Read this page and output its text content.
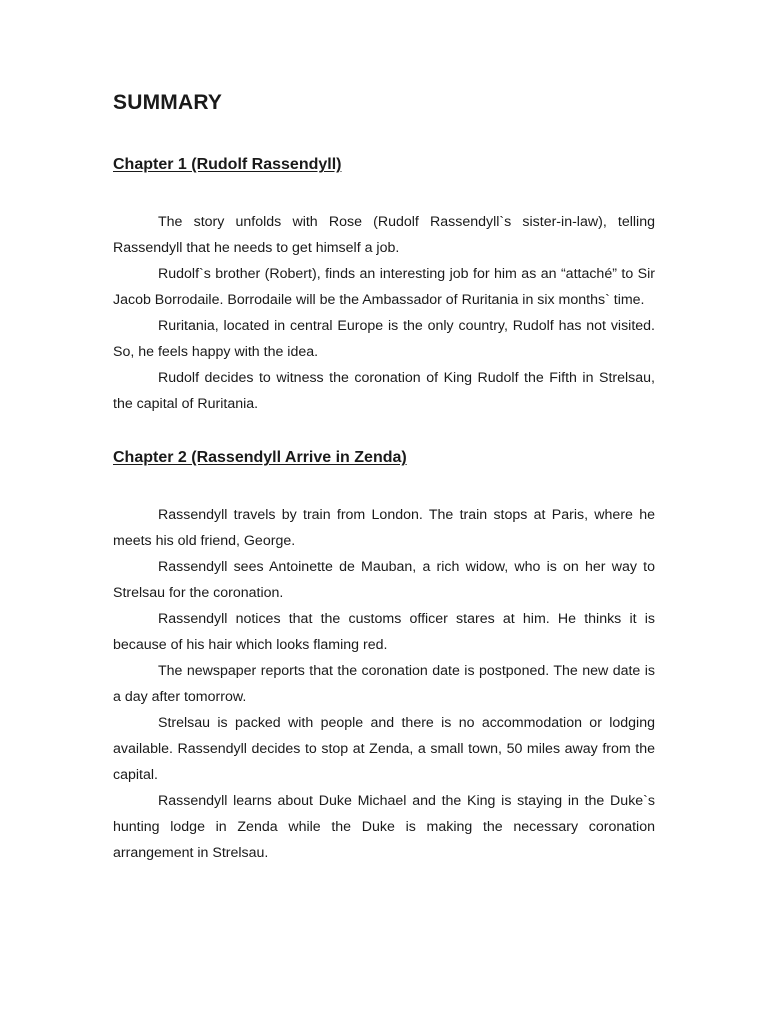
SUMMARY
Chapter 1 (Rudolf Rassendyll)

The story unfolds with Rose (Rudolf Rassendyll`s sister-in-law), telling Rassendyll that he needs to get himself a job.

Rudolf`s brother (Robert), finds an interesting job for him as an “attaché” to Sir Jacob Borrodaile. Borrodaile will be the Ambassador of Ruritania in six months` time.

Ruritania, located in central Europe is the only country, Rudolf has not visited. So, he feels happy with the idea.

Rudolf decides to witness the coronation of King Rudolf the Fifth in Strelsau, the capital of Ruritania.

Chapter 2 (Rassendyll Arrive in Zenda)

Rassendyll travels by train from London. The train stops at Paris, where he meets his old friend, George.

Rassendyll sees Antoinette de Mauban, a rich widow, who is on her way to Strelsau for the coronation.

Rassendyll notices that the customs officer stares at him. He thinks it is because of his hair which looks flaming red.

The newspaper reports that the coronation date is postponed. The new date is a day after tomorrow.

Strelsau is packed with people and there is no accommodation or lodging available. Rassendyll decides to stop at Zenda, a small town, 50 miles away from the capital.

Rassendyll learns about Duke Michael and the King is staying in the Duke`s hunting lodge in Zenda while the Duke is making the necessary coronation arrangement in Strelsau.
